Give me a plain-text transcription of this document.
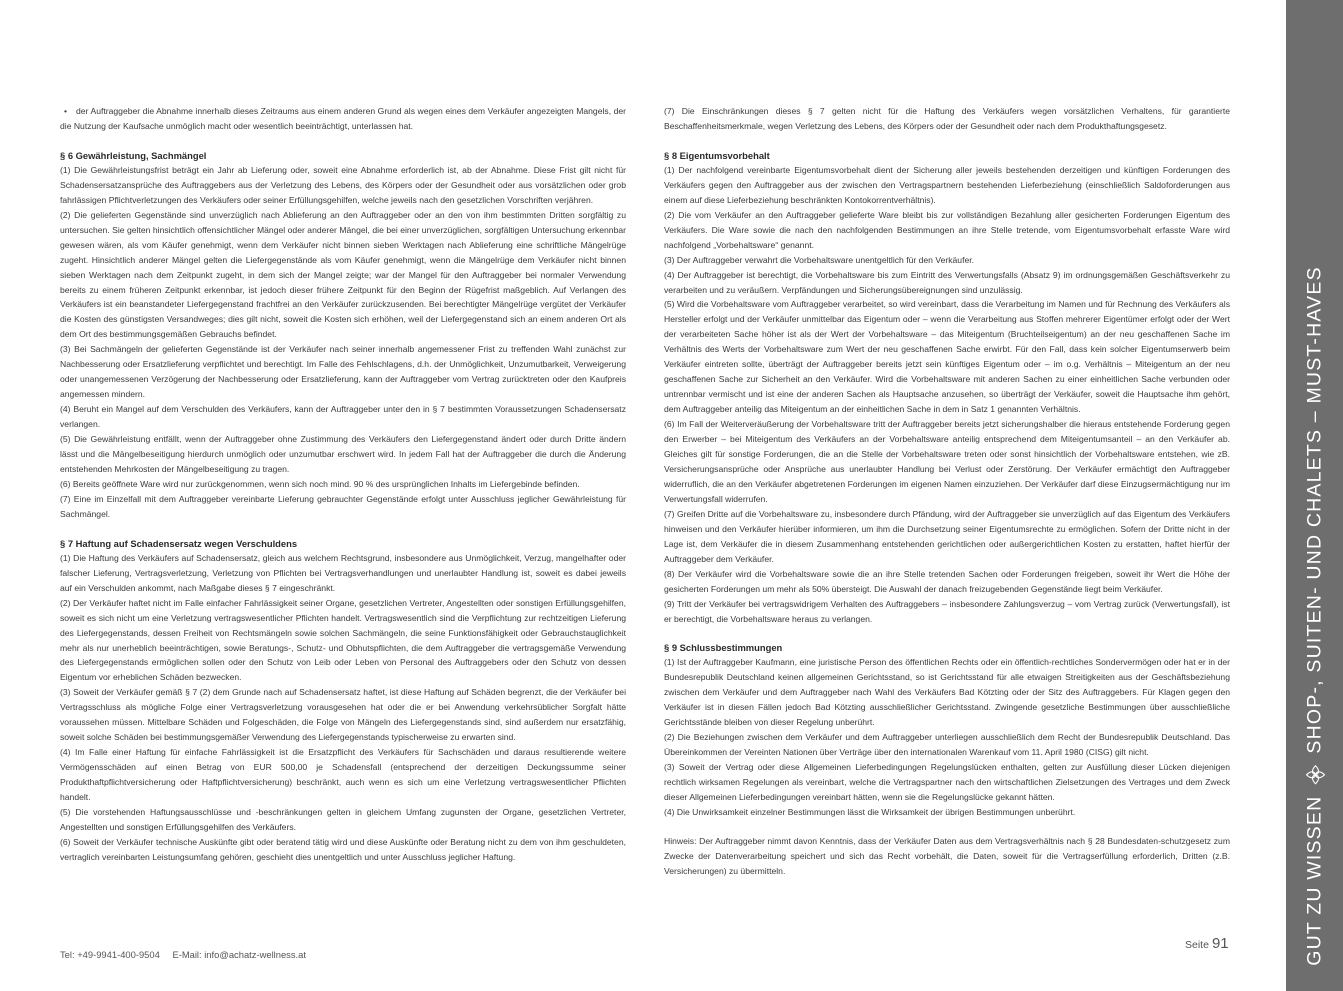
• der Auftraggeber die Abnahme innerhalb dieses Zeitraums aus einem anderen Grund als wegen eines dem Verkäufer angezeigten Mangels, der die Nutzung der Kaufsache unmöglich macht oder wesentlich beeinträchtigt, unterlassen hat.

§ 6 Gewährleistung, Sachmängel

(1) Die Gewährleistungsfrist beträgt ein Jahr ab Lieferung oder, soweit eine Abnahme erforderlich ist, ab der Abnahme. Diese Frist gilt nicht für Schadensersatzansprüche des Auftraggebers aus der Verletzung des Lebens, des Körpers oder der Gesundheit oder aus vorsätzlichen oder grob fahrlässigen Pflichtverletzungen des Verkäufers oder seiner Erfüllungsgehilfen, welche jeweils nach den gesetzlichen Vorschriften verjähren.

(2) Die gelieferten Gegenstände sind unverzüglich nach Ablieferung an den Auftraggeber oder an den von ihm bestimmten Dritten sorgfältig zu untersuchen. Sie gelten hinsichtlich offensichtlicher Mängel oder anderer Mängel, die bei einer unverzüglichen, sorgfältigen Untersuchung erkennbar gewesen wären, als vom Käufer genehmigt, wenn dem Verkäufer nicht binnen sieben Werktagen nach Ablieferung eine schriftliche Mängelrüge zugeht. Hinsichtlich anderer Mängel gelten die Liefergegenstände als vom Käufer genehmigt, wenn die Mängelrüge dem Verkäufer nicht binnen sieben Werktagen nach dem Zeitpunkt zugeht, in dem sich der Mangel zeigte; war der Mangel für den Auftraggeber bei normaler Verwendung bereits zu einem früheren Zeitpunkt erkennbar, ist jedoch dieser frühere Zeitpunkt für den Beginn der Rügefrist maßgeblich. Auf Verlangen des Verkäufers ist ein beanstandeter Liefergegenstand frachtfrei an den Verkäufer zurückzusenden. Bei berechtigter Mängelrüge vergütet der Verkäufer die Kosten des günstigsten Versandweges; dies gilt nicht, soweit die Kosten sich erhöhen, weil der Liefergegenstand sich an einem anderen Ort als dem Ort des bestimmungsgemäßen Gebrauchs befindet.

(3) Bei Sachmängeln der gelieferten Gegenstände ist der Verkäufer nach seiner innerhalb angemessener Frist zu treffenden Wahl zunächst zur Nachbesserung oder Ersatzlieferung verpflichtet und berechtigt. Im Falle des Fehlschlagens, d.h. der Unmöglichkeit, Unzumutbarkeit, Verweigerung oder unangemessenen Verzögerung der Nachbesserung oder Ersatzlieferung, kann der Auftraggeber vom Vertrag zurücktreten oder den Kaufpreis angemessen mindern.

(4) Beruht ein Mangel auf dem Verschulden des Verkäufers, kann der Auftraggeber unter den in § 7 bestimmten Voraussetzungen Schadensersatz verlangen.

(5) Die Gewährleistung entfällt, wenn der Auftraggeber ohne Zustimmung des Verkäufers den Liefergegenstand ändert oder durch Dritte ändern lässt und die Mängelbeseitigung hierdurch unmöglich oder unzumutbar erschwert wird. In jedem Fall hat der Auftraggeber die durch die Änderung entstehenden Mehrkosten der Mängelbeseitigung zu tragen.

(6) Bereits geöffnete Ware wird nur zurückgenommen, wenn sich noch mind. 90 % des ursprünglichen Inhalts im Liefergebinde befinden.

(7) Eine im Einzelfall mit dem Auftraggeber vereinbarte Lieferung gebrauchter Gegenstände erfolgt unter Ausschluss jeglicher Gewährleistung für Sachmängel.

§ 7 Haftung auf Schadensersatz wegen Verschuldens

(1) Die Haftung des Verkäufers auf Schadensersatz, gleich aus welchem Rechtsgrund, insbesondere aus Unmöglichkeit, Verzug, mangelhafter oder falscher Lieferung, Vertragsverletzung, Verletzung von Pflichten bei Vertragsverhandlungen und unerlaubter Handlung ist, soweit es dabei jeweils auf ein Verschulden ankommt, nach Maßgabe dieses § 7 eingeschränkt.

(2) Der Verkäufer haftet nicht im Falle einfacher Fahrlässigkeit seiner Organe, gesetzlichen Vertreter, Angestellten oder sonstigen Erfüllungsgehilfen, soweit es sich nicht um eine Verletzung vertragswesentlicher Pflichten handelt. Vertragswesentlich sind die Verpflichtung zur rechtzeitigen Lieferung des Liefergegenstands, dessen Freiheit von Rechtsmängeln sowie solchen Sachmängeln, die seine Funktionsfähigkeit oder Gebrauchstauglichkeit mehr als nur unerheblich beeinträchtigen, sowie Beratungs-, Schutz- und Obhutspflichten, die dem Auftraggeber die vertragsgemäße Verwendung des Liefergegenstands ermöglichen sollen oder den Schutz von Leib oder Leben von Personal des Auftraggebers oder den Schutz von dessen Eigentum vor erheblichen Schäden bezwecken.

(3) Soweit der Verkäufer gemäß § 7 (2) dem Grunde nach auf Schadensersatz haftet, ist diese Haftung auf Schäden begrenzt, die der Verkäufer bei Vertragsschluss als mögliche Folge einer Vertragsverletzung vorausgesehen hat oder die er bei Anwendung verkehrsüblicher Sorgfalt hätte voraussehen müssen. Mittelbare Schäden und Folgeschäden, die Folge von Mängeln des Liefergegenstands sind, sind außerdem nur ersatzfähig, soweit solche Schäden bei bestimmungsgemäßer Verwendung des Liefergegenstands typischerweise zu erwarten sind.

(4) Im Falle einer Haftung für einfache Fahrlässigkeit ist die Ersatzpflicht des Verkäufers für Sachschäden und daraus resultierende weitere Vermögensschäden auf einen Betrag von EUR 500,00 je Schadensfall (entsprechend der derzeitigen Deckungssumme seiner Produkthaftpflichtversicherung oder Haftpflichtversicherung) beschränkt, auch wenn es sich um eine Verletzung vertragswesentlicher Pflichten handelt.

(5) Die vorstehenden Haftungsausschlüsse und -beschränkungen gelten in gleichem Umfang zugunsten der Organe, gesetzlichen Vertreter, Angestellten und sonstigen Erfüllungsgehilfen des Verkäufers.

(6) Soweit der Verkäufer technische Auskünfte gibt oder beratend tätig wird und diese Auskünfte oder Beratung nicht zu dem von ihm geschuldeten, vertraglich vereinbarten Leistungsumfang gehören, geschieht dies unentgeltlich und unter Ausschluss jeglicher Haftung.

(7) Die Einschränkungen dieses § 7 gelten nicht für die Haftung des Verkäufers wegen vorsätzlichen Verhaltens, für garantierte Beschaffenheitsmerkmale, wegen Verletzung des Lebens, des Körpers oder der Gesundheit oder nach dem Produkthaftungsgesetz.

§ 8 Eigentumsvorbehalt

(1) Der nachfolgend vereinbarte Eigentumsvorbehalt dient der Sicherung aller jeweils bestehenden derzeitigen und künftigen Forderungen des Verkäufers gegen den Auftraggeber aus der zwischen den Vertragspartnern bestehenden Lieferbeziehung (einschließlich Saldoforderungen aus einem auf diese Lieferbeziehung beschränkten Kontokorrentverhältnis).

(2) Die vom Verkäufer an den Auftraggeber gelieferte Ware bleibt bis zur vollständigen Bezahlung aller gesicherten Forderungen Eigentum des Verkäufers. Die Ware sowie die nach den nachfolgenden Bestimmungen an ihre Stelle tretende, vom Eigentumsvorbehalt erfasste Ware wird nachfolgend „Vorbehaltsware“ genannt.

(3) Der Auftraggeber verwahrt die Vorbehaltsware unentgeltlich für den Verkäufer.

(4) Der Auftraggeber ist berechtigt, die Vorbehaltsware bis zum Eintritt des Verwertungsfalls (Absatz 9) im ordnungsgemäßen Geschäftsverkehr zu verarbeiten und zu veräußern. Verpfändungen und Sicherungsübereignungen sind unzulässig.

(5) Wird die Vorbehaltsware vom Auftraggeber verarbeitet, so wird vereinbart, dass die Verarbeitung im Namen und für Rechnung des Verkäufers als Hersteller erfolgt und der Verkäufer unmittelbar das Eigentum oder – wenn die Verarbeitung aus Stoffen mehrerer Eigentümer erfolgt oder der Wert der verarbeiteten Sache höher ist als der Wert der Vorbehaltsware – das Miteigentum (Bruchteilseigentum) an der neu geschaffenen Sache im Verhältnis des Werts der Vorbehaltsware zum Wert der neu geschaffenen Sache erwirbt. Für den Fall, dass kein solcher Eigentumserwerb beim Verkäufer eintreten sollte, überträgt der Auftraggeber bereits jetzt sein künftiges Eigentum oder – im o.g. Verhältnis – Miteigentum an der neu geschaffenen Sache zur Sicherheit an den Verkäufer. Wird die Vorbehaltsware mit anderen Sachen zu einer einheitlichen Sache verbunden oder untrennbar vermischt und ist eine der anderen Sachen als Hauptsache anzusehen, so überträgt der Verkäufer, soweit die Hauptsache ihm gehört, dem Auftraggeber anteilig das Miteigentum an der einheitlichen Sache in dem in Satz 1 genannten Verhältnis.

(6) Im Fall der Weiterveräußerung der Vorbehaltsware tritt der Auftraggeber bereits jetzt sicherungshalber die hieraus entstehende Forderung gegen den Erwerber – bei Miteigentum des Verkäufers an der Vorbehaltsware anteilig entsprechend dem Miteigentumsanteil – an den Verkäufer ab. Gleiches gilt für sonstige Forderungen, die an die Stelle der Vorbehaltsware treten oder sonst hinsichtlich der Vorbehaltsware entstehen, wie zB. Versicherungsansprüche oder Ansprüche aus unerlaubter Handlung bei Verlust oder Zerstörung. Der Verkäufer ermächtigt den Auftraggeber widerruflich, die an den Verkäufer abgetretenen Forderungen im eigenen Namen einzuziehen. Der Verkäufer darf diese Einzugsermächtigung nur im Verwertungsfall widerrufen.

(7) Greifen Dritte auf die Vorbehaltsware zu, insbesondere durch Pfändung, wird der Auftraggeber sie unverzüglich auf das Eigentum des Verkäufers hinweisen und den Verkäufer hierüber informieren, um ihm die Durchsetzung seiner Eigentumsrechte zu ermöglichen. Sofern der Dritte nicht in der Lage ist, dem Verkäufer die in diesem Zusammenhang entstehenden gerichtlichen oder außergerichtlichen Kosten zu erstatten, haftet hierfür der Auftraggeber dem Verkäufer.

(8) Der Verkäufer wird die Vorbehaltsware sowie die an ihre Stelle tretenden Sachen oder Forderungen freigeben, soweit ihr Wert die Höhe der gesicherten Forderungen um mehr als 50% übersteigt. Die Auswahl der danach freizugebenden Gegenstände liegt beim Verkäufer.

(9) Tritt der Verkäufer bei vertragswidrigem Verhalten des Auftraggebers – insbesondere Zahlungsverzug – vom Vertrag zurück (Verwertungsfall), ist er berechtigt, die Vorbehaltsware heraus zu verlangen.

§ 9 Schlussbestimmungen

(1) Ist der Auftraggeber Kaufmann, eine juristische Person des öffentlichen Rechts oder ein öffentlich-rechtliches Sondervermögen oder hat er in der Bundesrepublik Deutschland keinen allgemeinen Gerichtsstand, so ist Gerichtsstand für alle etwaigen Streitigkeiten aus der Geschäftsbeziehung zwischen dem Verkäufer und dem Auftraggeber nach Wahl des Verkäufers Bad Kötzting oder der Sitz des Auftraggebers. Für Klagen gegen den Verkäufer ist in diesen Fällen jedoch Bad Kötzting ausschließlicher Gerichtsstand. Zwingende gesetzliche Bestimmungen über ausschließliche Gerichtsstände bleiben von dieser Regelung unberührt.

(2) Die Beziehungen zwischen dem Verkäufer und dem Auftraggeber unterliegen ausschließlich dem Recht der Bundesrepublik Deutschland. Das Übereinkommen der Vereinten Nationen über Verträge über den internationalen Warenkauf vom 11. April 1980 (CISG) gilt nicht.

(3) Soweit der Vertrag oder diese Allgemeinen Lieferbedingungen Regelungslücken enthalten, gelten zur Ausfüllung dieser Lücken diejenigen rechtlich wirksamen Regelungen als vereinbart, welche die Vertragspartner nach den wirtschaftlichen Zielsetzungen des Vertrages und dem Zweck dieser Allgemeinen Lieferbedingungen vereinbart hätten, wenn sie die Regelungslücke gekannt hätten.

(4) Die Unwirksamkeit einzelner Bestimmungen lässt die Wirksamkeit der übrigen Bestimmungen unberührt.

Hinweis: Der Auftraggeber nimmt davon Kenntnis, dass der Verkäufer Daten aus dem Vertragsverhältnis nach § 28 Bundesdaten-schutzgesetz zum Zwecke der Datenverarbeitung speichert und sich das Recht vorbehält, die Daten, soweit für die Vertragserfüllung erforderlich, Dritten (z.B. Versicherungen) zu übermitteln.

Tel: +49-9941-400-9504 E-Mail: info@achatz-wellness.at
Seite 91	GUT ZU WISSEN
SHOP-, SUITEN- UND CHALETS – MUST-HAVES
